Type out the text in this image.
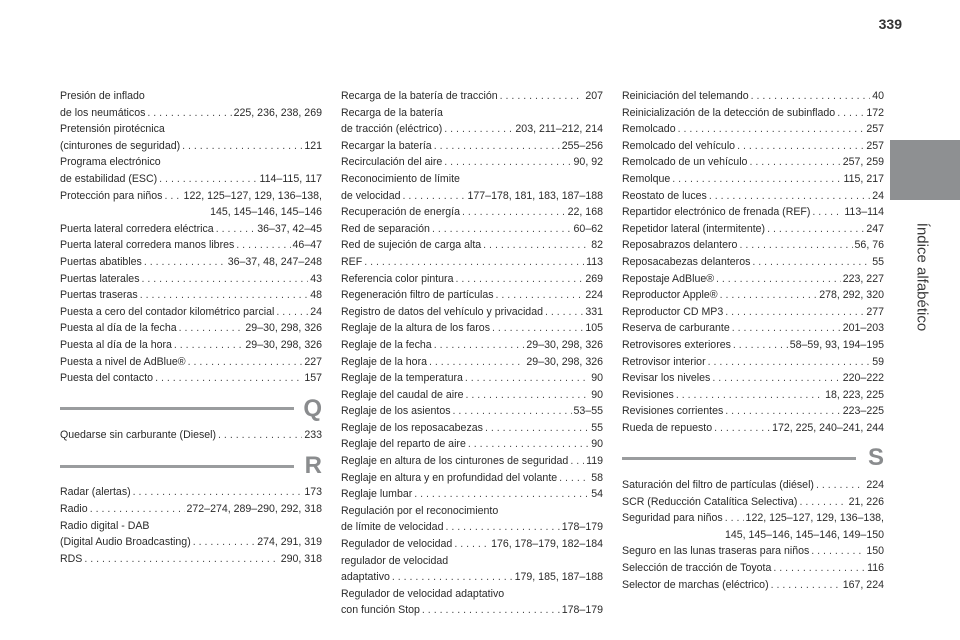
339
Índice alfabético
Presión de inflado
de los neumáticos . . .	225, 236, 238, 269
Pretensión pirotécnica
(cinturones de seguridad) . . .	121
Programa electrónico
de estabilidad (ESC) . . .	114–115, 117
Protección para niños . . . 122, 125–127, 129, 136–138,
145, 145–146, 145–146
Puerta lateral corredera eléctrica . . .	36–37, 42–45
Puerta lateral corredera manos libres . . .	46–47
Puertas abatibles . . .	36–37, 48, 247–248
Puertas laterales . . .	43
Puertas traseras . . .	48
Puesta a cero del contador kilométrico parcial . . .	24
Puesta al día de la fecha . . .	29–30, 298, 326
Puesta al día de la hora . . .	29–30, 298, 326
Puesta a nivel de AdBlue® . . .	227
Puesta del contacto . . .	157
Q
Quedarse sin carburante (Diesel) . . .	233
R
Radar (alertas) . . .	173
Radio . . .	272–274, 289–290, 292, 318
Radio digital - DAB
(Digital Audio Broadcasting) . . .	274, 291, 319
RDS . . .	290, 318
Recarga de la batería de tracción . . .	207
Recarga de la batería
de tracción (eléctrico) . . .	203, 211–212, 214
Recargar la batería . . .	255–256
Recirculación del aire . . .	90, 92
Reconocimiento de límite
de velocidad . . .	177–178, 181, 183, 187–188
Recuperación de energía . . .	22, 168
Red de separación . . .	60–62
Red de sujeción de carga alta . . .	82
REF . . .	113
Referencia color pintura . . .	269
Regeneración filtro de partículas . . .	224
Registro de datos del vehículo y privacidad . . .	331
Reglaje de la altura de los faros . . .	105
Reglaje de la fecha . . .	29–30, 298, 326
Reglaje de la hora . . .	29–30, 298, 326
Reglaje de la temperatura . . .	90
Reglaje del caudal de aire . . .	90
Reglaje de los asientos . . .	53–55
Reglaje de los reposacabezas . . .	55
Reglaje del reparto de aire . . .	90
Reglaje en altura de los cinturones de seguridad . . . 119
Reglaje en altura y en profundidad del volante . . .	58
Reglaje lumbar . . .	54
Regulación por el reconocimiento
de límite de velocidad . . .	178–179
Regulador de velocidad . . .	176, 178–179, 182–184
regulador de velocidad
adaptativo . . .	179, 185, 187–188
Regulador de velocidad adaptativo
con función Stop . . .	178–179
Reiniciación del telemando . . .	40
Reinicialización de la detección de subinflado . . .	172
Remolcado . . .	257
Remolcado del vehículo . . .	257
Remolcado de un vehículo . . .	257, 259
Remolque . . .	115, 217
Reostato de luces . . .	24
Repartidor electrónico de frenada (REF) . . .	113–114
Repetidor lateral (intermitente) . . .	247
Reposabrazos delantero . . .	56, 76
Reposacabezas delanteros . . .	55
Repostaje AdBlue® . . .	223, 227
Reproductor Apple® . . .	278, 292, 320
Reproductor CD MP3 . . .	277
Reserva de carburante . . .	201–203
Retrovisores exteriores . . .	58–59, 93, 194–195
Retrovisor interior . . .	59
Revisar los niveles . . .	220–222
Revisiones . . .	18, 223, 225
Revisiones corrientes . . .	223–225
Rueda de repuesto . . .	172, 225, 240–241, 244
S
Saturación del filtro de partículas (diésel) . . .	224
SCR (Reducción Catalítica Selectiva) . . .	21, 226
Seguridad para niños . . . 122, 125–127, 129, 136–138,
145, 145–146, 145–146, 149–150
Seguro en las lunas traseras para niños . . .	150
Selección de tracción de Toyota . . .	116
Selector de marchas (eléctrico) . . .	167, 224
